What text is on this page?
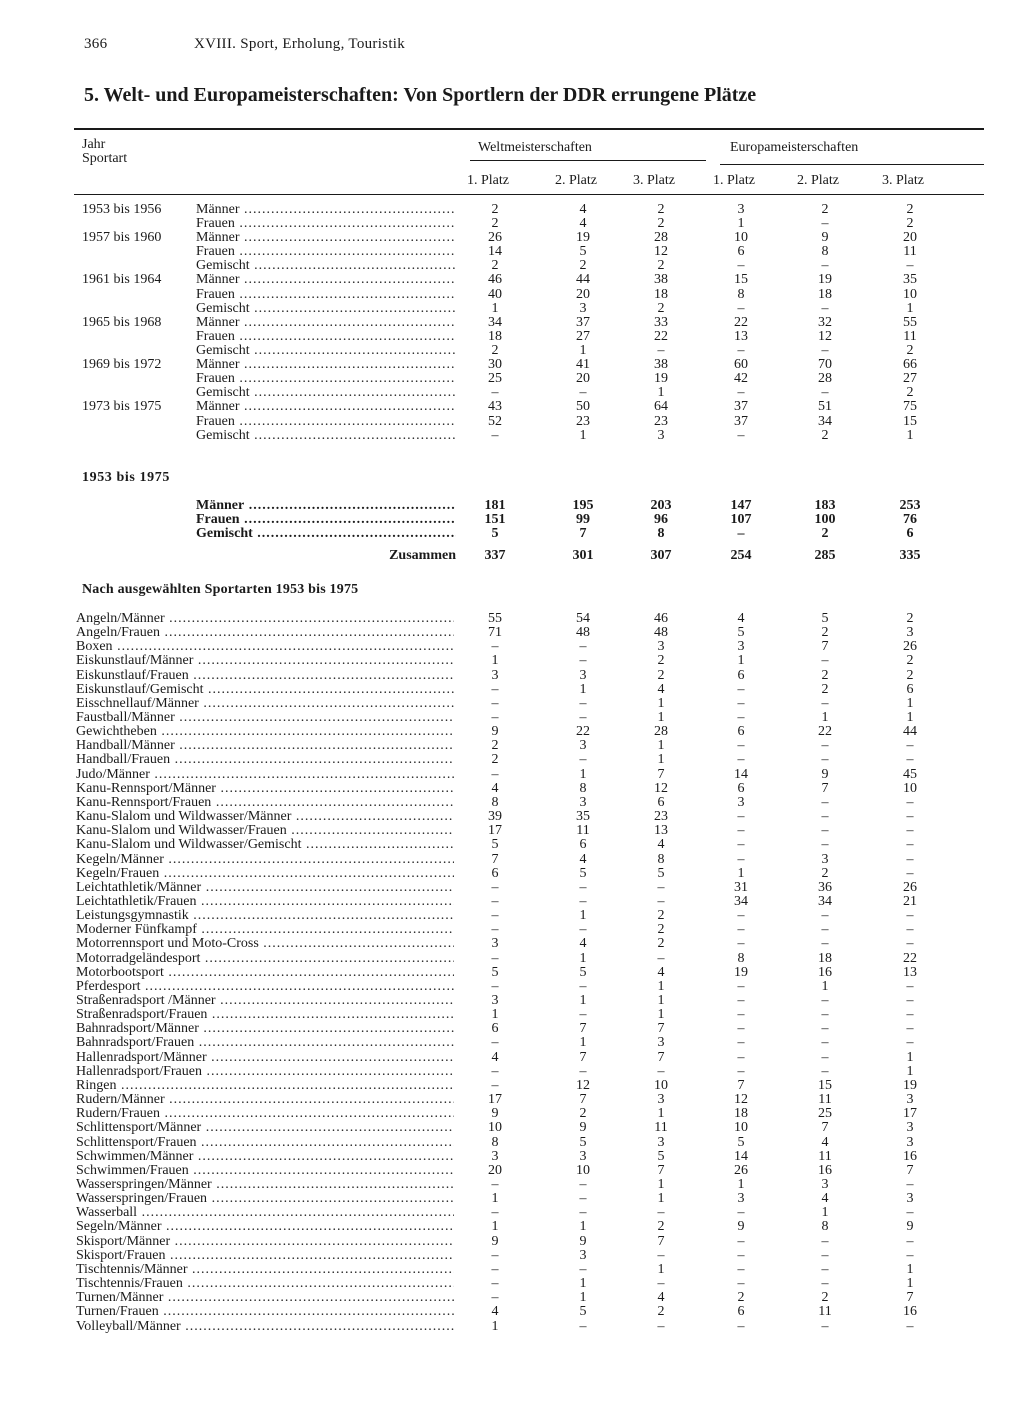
366	XVIII. Sport, Erholung, Touristik
5. Welt- und Europameisterschaften: Von Sportlern der DDR errungene Plätze
Jahr
Sportart
Weltmeisterschaften	Europameisterschaften
1. Platz	2. Platz	3. Platz	1. Platz	2. Platz	3. Platz
1953 bis 1956 Männer .....	2	4	2	3	2	2
Frauen .....	2	4	2	1	–	2
1957 bis 1960 Männer .....	26	19	28	10	9	20
Frauen .....	14	5	12	6	8	11
Gemischt .....	2	2	2	–	–	–
1961 bis 1964 Männer .....	46	44	38	15	19	35
Frauen .....	40	20	18	8	18	10
Gemischt .....	1	3	2	–	–	1
1965 bis 1968 Männer .....	34	37	33	22	32	55
Frauen .....	18	27	22	13	12	11
Gemischt .....	2	1	–	–	–	2
1969 bis 1972 Männer .....	30	41	38	60	70	66
Frauen .....	25	20	19	42	28	27
Gemischt .....	–	–	1	–	–	2
1973 bis 1975 Männer .....	43	50	64	37	51	75
Frauen .....	52	23	23	37	34	15
Gemischt .....	–	1	3	–	2	1
1953 bis 1975
Männer .....	181	195	203	147	183	253
Frauen .....	151	99	96	107	100	76
Gemischt .....	5	7	8	–	2	6
Zusammen	337	301	307	254	285	335
Nach ausgewählten Sportarten 1953 bis 1975
Angeln/Männer .....	55	54	46	4	5	2
Angeln/Frauen .....	71	48	48	5	2	3
Boxen .....	–	–	3	3	7	26
Eiskunstlauf/Männer .....	1	–	2	1	–	2
Eiskunstlauf/Frauen .....	3	3	2	6	2	2
Eiskunstlauf/Gemischt .....	–	1	4	–	2	6
Eisschnellauf/Männer .....	–	–	1	–	–	1
Faustball/Männer .....	–	–	1	–	1	1
Gewichtheben .....	9	22	28	6	22	44
Handball/Männer .....	2	3	1	–	–	–
Handball/Frauen .....	2	–	1	–	–	–
Judo/Männer .....	–	1	7	14	9	45
Kanu-Rennsport/Männer .....	4	8	12	6	7	10
Kanu-Rennsport/Frauen .....	8	3	6	3	–	–
Kanu-Slalom und Wildwasser/Männer .....	39	35	23	–	–	–
Kanu-Slalom und Wildwasser/Frauen .....	17	11	13	–	–	–
Kanu-Slalom und Wildwasser/Gemischt .....	5	6	4	–	–	–
Kegeln/Männer .....	7	4	8	–	3	–
Kegeln/Frauen .....	6	5	5	1	2	–
Leichtathletik/Männer .....	–	–	–	31	36	26
Leichtathletik/Frauen .....	–	–	–	34	34	21
Leistungsgymnastik .....	–	1	2	–	–	–
Moderner Fünfkampf .....	–	–	2	–	–	–
Motorrennsport und Moto-Cross .....	3	4	2	–	–	–
Motorradgeländesport .....	–	1	–	8	18	22
Motorbootsport .....	5	5	4	19	16	13
Pferdesport .....	–	–	1	–	1	–
Straßenradsport /Männer .....	3	1	1	–	–	–
Straßenradsport/Frauen .....	1	–	1	–	–	–
Bahnradsport/Männer .....	6	7	7	–	–	–
Bahnradsport/Frauen .....	–	1	3	–	–	–
Hallenradsport/Männer .....	4	7	7	–	–	1
Hallenradsport/Frauen .....	–	–	–	–	–	1
Ringen .....	–	12	10	7	15	19
Rudern/Männer .....	17	7	3	12	11	3
Rudern/Frauen .....	9	2	1	18	25	17
Schlittensport/Männer .....	10	9	11	10	7	3
Schlittensport/Frauen .....	8	5	3	5	4	3
Schwimmen/Männer .....	3	3	5	14	11	16
Schwimmen/Frauen .....	20	10	7	26	16	7
Wasserspringen/Männer .....	–	–	1	1	3	–
Wasserspringen/Frauen .....	1	–	1	3	4	3
Wasserball .....	–	–	–	–	1	–
Segeln/Männer .....	1	1	2	9	8	9
Skisport/Männer .....	9	9	7	–	–	–
Skisport/Frauen .....	–	3	–	–	–	–
Tischtennis/Männer .....	–	–	1	–	–	1
Tischtennis/Frauen .....	–	1	–	–	–	1
Turnen/Männer .....	–	1	4	2	2	7
Turnen/Frauen .....	4	5	2	6	11	16
Volleyball/Männer .....	1	–	–	–	–	–
